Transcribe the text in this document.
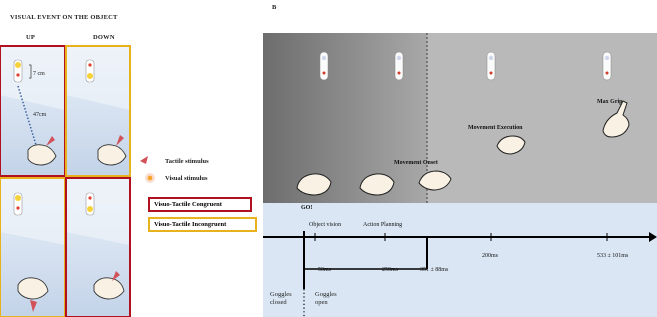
VISUAL EVENT ON THE OBJECT
UP	DOWN
7 cm
47cm
Tactile stimulus
Visual stimulus
Visuo-Tactile Congruent
Visuo-Tactile Incongruent
B
GO!
Object vision	Action Planning
Movement Onset
Movement Execution
Max Grip
50ms	250ms	351 ± 88ms
200ms	533 ± 101ms
Goggles closed
Goggles open
